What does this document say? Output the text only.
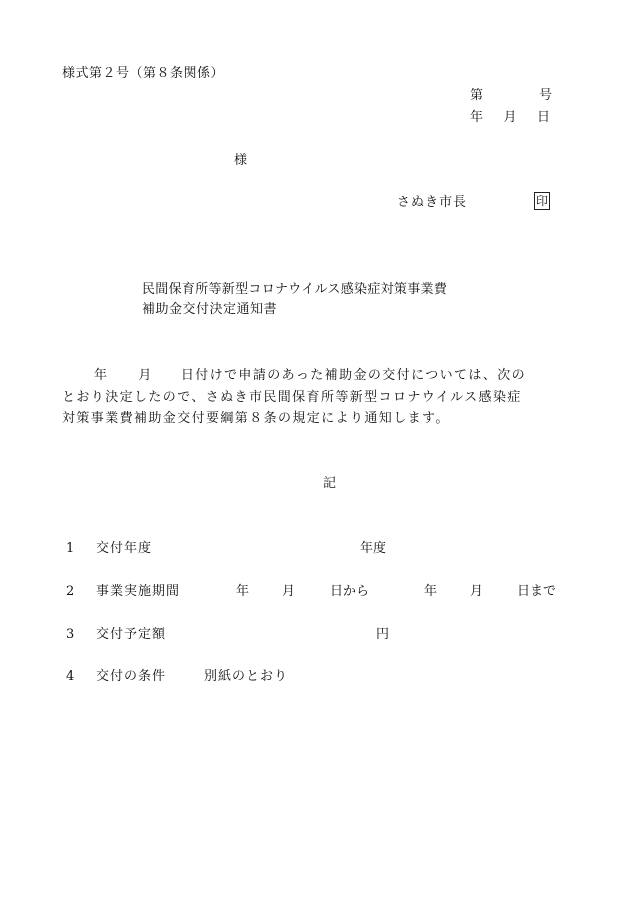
様式第２号（第８条関係）
第	号
年 月 日
様
さぬき市長	印
民間保育所等新型コロナウイルス感染症対策事業費
補助金交付決定通知書
年 月 日付けで申請のあった補助金の交付については、次の
とおり決定したので、さぬき市民間保育所等新型コロナウイルス感染症
対策事業費補助金交付要綱第８条の規定により通知します。
記
1 交付年度	年度
2 事業実施期間	年	月	日から	年	月	日まで
3 交付予定額	円
4 交付の条件	別紙のとおり
